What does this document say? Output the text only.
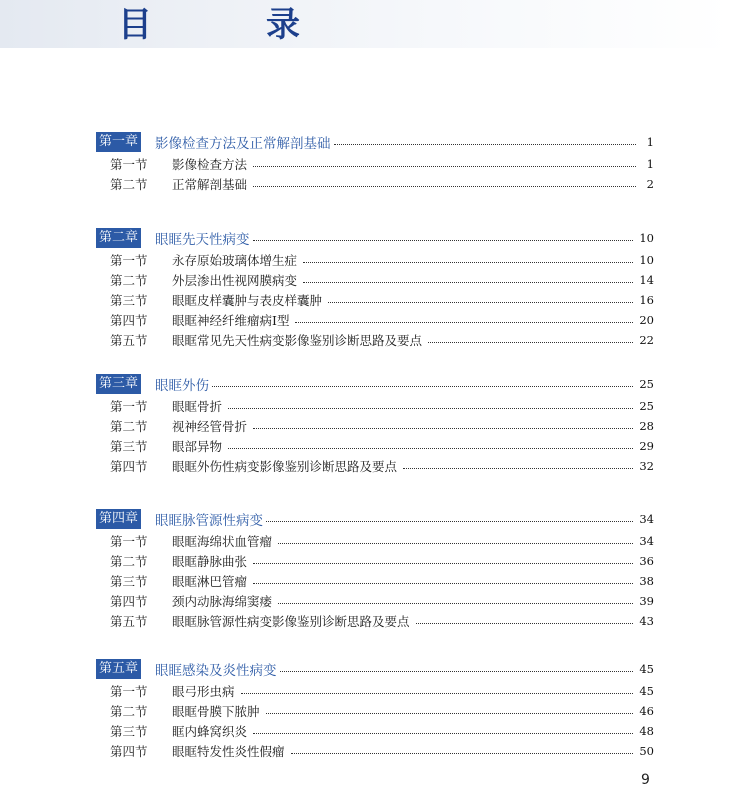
目　录
第一章 影像检查方法及正常解剖基础	1
第一节	影像检查方法	1
第二节	正常解剖基础	2
第二章 眼眶先天性病变	10
第一节	永存原始玻璃体增生症	10
第二节	外层渗出性视网膜病变	14
第三节	眼眶皮样囊肿与表皮样囊肿	16
第四节	眼眶神经纤维瘤病Ⅰ型	20
第五节	眼眶常见先天性病变影像鉴别诊断思路及要点	22
第三章 眼眶外伤	25
第一节	眼眶骨折	25
第二节	视神经管骨折	28
第三节	眼部异物	29
第四节	眼眶外伤性病变影像鉴别诊断思路及要点	32
第四章 眼眶脉管源性病变	34
第一节	眼眶海绵状血管瘤	34
第二节	眼眶静脉曲张	36
第三节	眼眶淋巴管瘤	38
第四节	颈内动脉海绵窦瘘	39
第五节	眼眶脉管源性病变影像鉴别诊断思路及要点	43
第五章 眼眶感染及炎性病变	45
第一节	眼弓形虫病	45
第二节	眼眶骨膜下脓肿	46
第三节	眶内蜂窝织炎	48
第四节	眼眶特发性炎性假瘤	50
9
